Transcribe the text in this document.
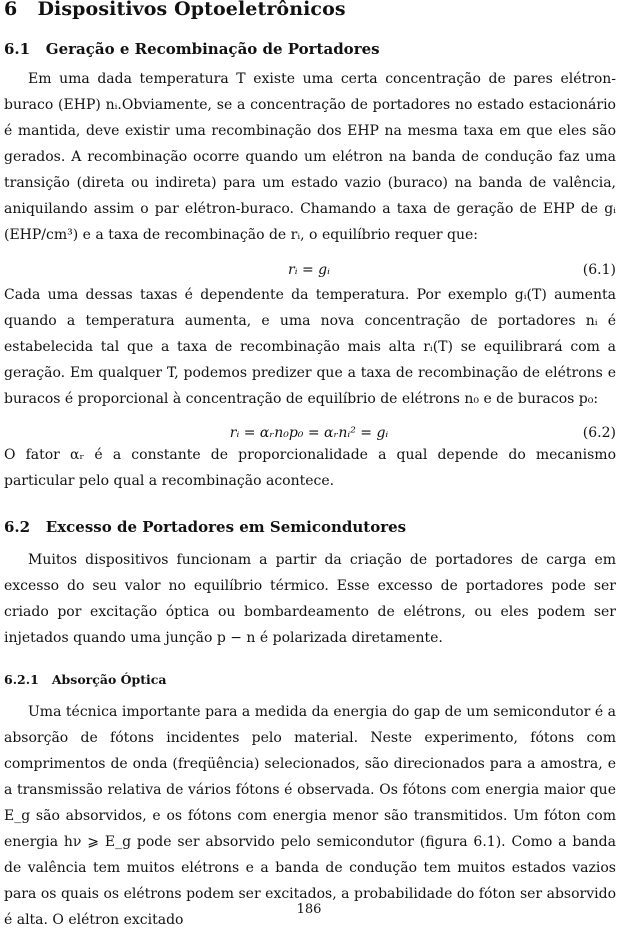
6 Dispositivos Optoeletrônicos
6.1 Geração e Recombinação de Portadores

Em uma dada temperatura T existe uma certa concentração de pares elétron-buraco (EHP) nᵢ.Obviamente, se a concentração de portadores no estado estacionário é mantida, deve existir uma recombinação dos EHP na mesma taxa em que eles são gerados. A recombinação ocorre quando um elétron na banda de condução faz uma transição (direta ou indireta) para um estado vazio (buraco) na banda de valência, aniquilando assim o par elétron-buraco. Chamando a taxa de geração de EHP de gᵢ (EHP/cm³) e a taxa de recombinação de rᵢ, o equilíbrio requer que:

rᵢ = gᵢ	(6.1)

Cada uma dessas taxas é dependente da temperatura. Por exemplo gᵢ(T) aumenta quando a temperatura aumenta, e uma nova concentração de portadores nᵢ é estabelecida tal que a taxa de recombinação mais alta rᵢ(T) se equilibrará com a geração. Em qualquer T, podemos predizer que a taxa de recombinação de elétrons e buracos é proporcional à concentração de equilíbrio de elétrons n₀ e de buracos p₀:

rᵢ = αᵣn₀p₀ = αᵣnᵢ² = gᵢ	(6.2)

O fator αᵣ é a constante de proporcionalidade a qual depende do mecanismo particular pelo qual a recombinação acontece.

6.2 Excesso de Portadores em Semicondutores

Muitos dispositivos funcionam a partir da criação de portadores de carga em excesso do seu valor no equilíbrio térmico. Esse excesso de portadores pode ser criado por excitação óptica ou bombardeamento de elétrons, ou eles podem ser injetados quando uma junção p − n é polarizada diretamente.

6.2.1 Absorção Óptica

Uma técnica importante para a medida da energia do gap de um semicondutor é a absorção de fótons incidentes pelo material. Neste experimento, fótons com comprimentos de onda (freqüência) selecionados, são direcionados para a amostra, e a transmissão relativa de vários fótons é observada. Os fótons com energia maior que E_g são absorvidos, e os fótons com energia menor são transmitidos. Um fóton com energia hν ⩾ E_g pode ser absorvido pelo semicondutor (figura 6.1). Como a banda de valência tem muitos elétrons e a banda de condução tem muitos estados vazios para os quais os elétrons podem ser excitados, a probabilidade do fóton ser absorvido é alta. O elétron excitado

186
